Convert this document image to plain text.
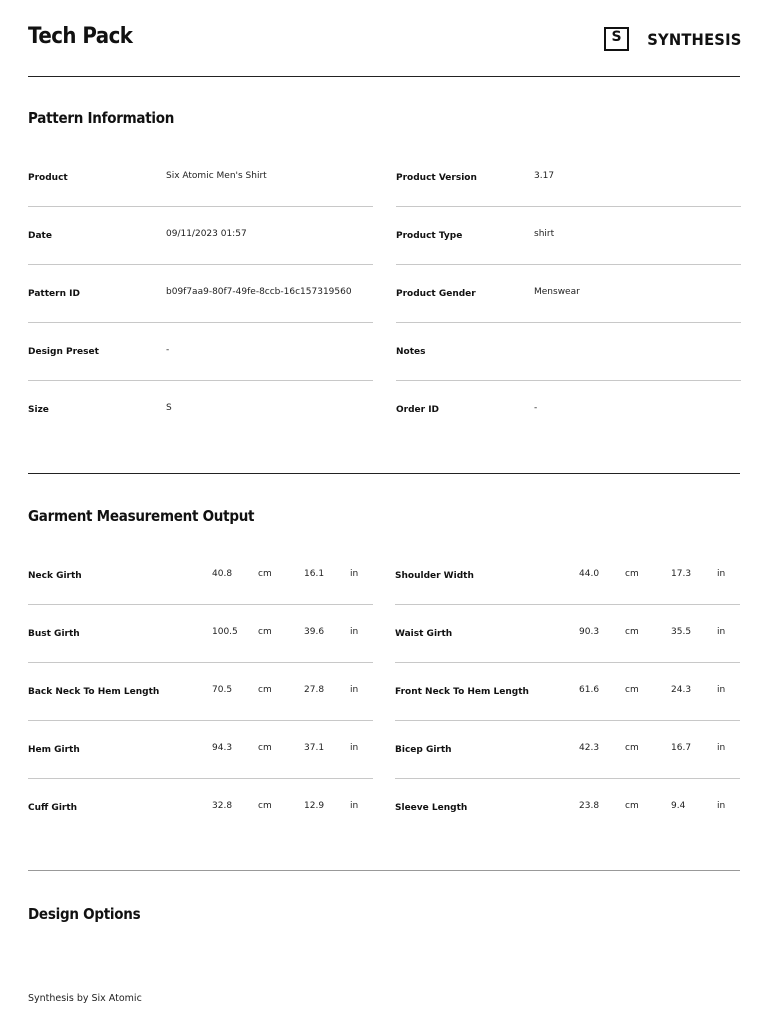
Tech Pack	S	SYNTHESIS
Pattern Information
Product	Six Atomic Men's Shirt
Date	09/11/2023 01:57
Pattern ID	b09f7aa9-80f7-49fe-8ccb-16c157319560
Design Preset	-
Size	S
Product Version	3.17
Product Type	shirt
Product Gender	Menswear
Notes
Order ID	-
Garment Measurement Output
Neck Girth	40.8	cm	16.1	in
Bust Girth	100.5 cm	39.6	in
Back Neck To Hem Length	70.5	cm	27.8	in
Hem Girth	94.3	cm	37.1	in
Cuff Girth	32.8	cm	12.9	in
Shoulder Width	44.0	cm	17.3	in
Waist Girth	90.3	cm	35.5	in
Front Neck To Hem Length	61.6	cm	24.3	in
Bicep Girth	42.3	cm	16.7	in
Sleeve Length	23.8	cm	9.4	in
Design Options
Synthesis by Six Atomic
